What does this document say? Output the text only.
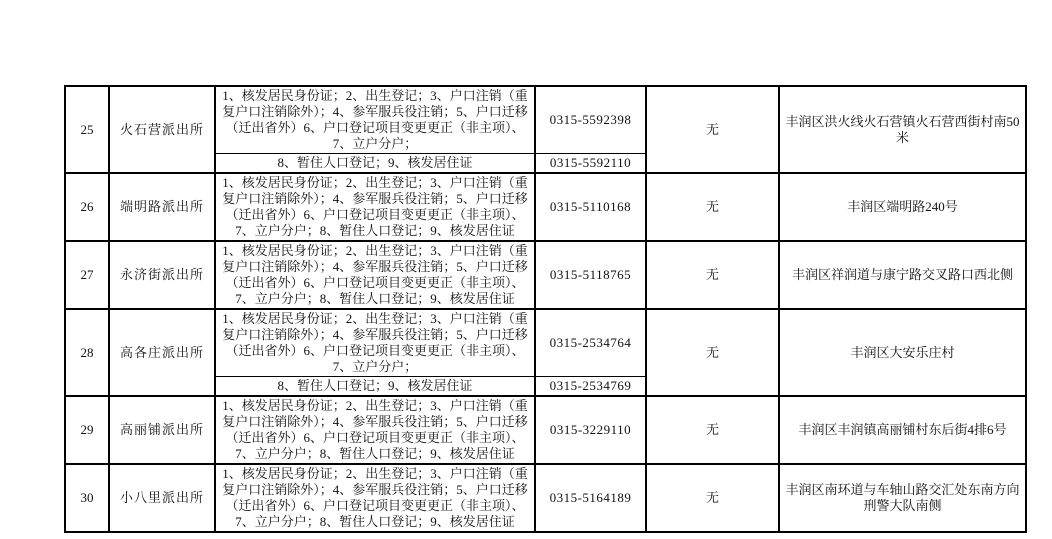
25	火石营派出所	1、核发居民身份证；2、出生登记；3、户口注销（重复户口注销除外）；4、参军服兵役注销；5、户口迁移（迁出省外）6、户口登记项目变更更正（非主项）、7、立户分户；	0315-5592398	无	丰润区洪火线火石营镇火石营西街村南50米
		8、暂住人口登记；9、核发居住证	0315-5592110		
26	端明路派出所	1、核发居民身份证；2、出生登记；3、户口注销（重复户口注销除外）；4、参军服兵役注销；5、户口迁移（迁出省外）6、户口登记项目变更更正（非主项）、7、立户分户；8、暂住人口登记；9、核发居住证	0315-5110168	无	丰润区端明路240号
27	永济街派出所	1、核发居民身份证；2、出生登记；3、户口注销（重复户口注销除外）；4、参军服兵役注销；5、户口迁移（迁出省外）6、户口登记项目变更更正（非主项）、7、立户分户；8、暂住人口登记；9、核发居住证	0315-5118765	无	丰润区祥润道与康宁路交叉路口西北侧
28	高各庄派出所	1、核发居民身份证；2、出生登记；3、户口注销（重复户口注销除外）；4、参军服兵役注销；5、户口迁移（迁出省外）6、户口登记项目变更更正（非主项）、7、立户分户；	0315-2534764	无	丰润区大安乐庄村
		8、暂住人口登记；9、核发居住证	0315-2534769		
29	高丽铺派出所	1、核发居民身份证；2、出生登记；3、户口注销（重复户口注销除外）；4、参军服兵役注销；5、户口迁移（迁出省外）6、户口登记项目变更更正（非主项）、7、立户分户；8、暂住人口登记；9、核发居住证	0315-3229110	无	丰润区丰润镇高丽铺村东后街4排6号
30	小八里派出所	1、核发居民身份证；2、出生登记；3、户口注销（重复户口注销除外）；4、参军服兵役注销；5、户口迁移（迁出省外）6、户口登记项目变更更正（非主项）、7、立户分户；8、暂住人口登记；9、核发居住证	0315-5164189	无	丰润区南环道与车轴山路交汇处东南方向刑警大队南侧
